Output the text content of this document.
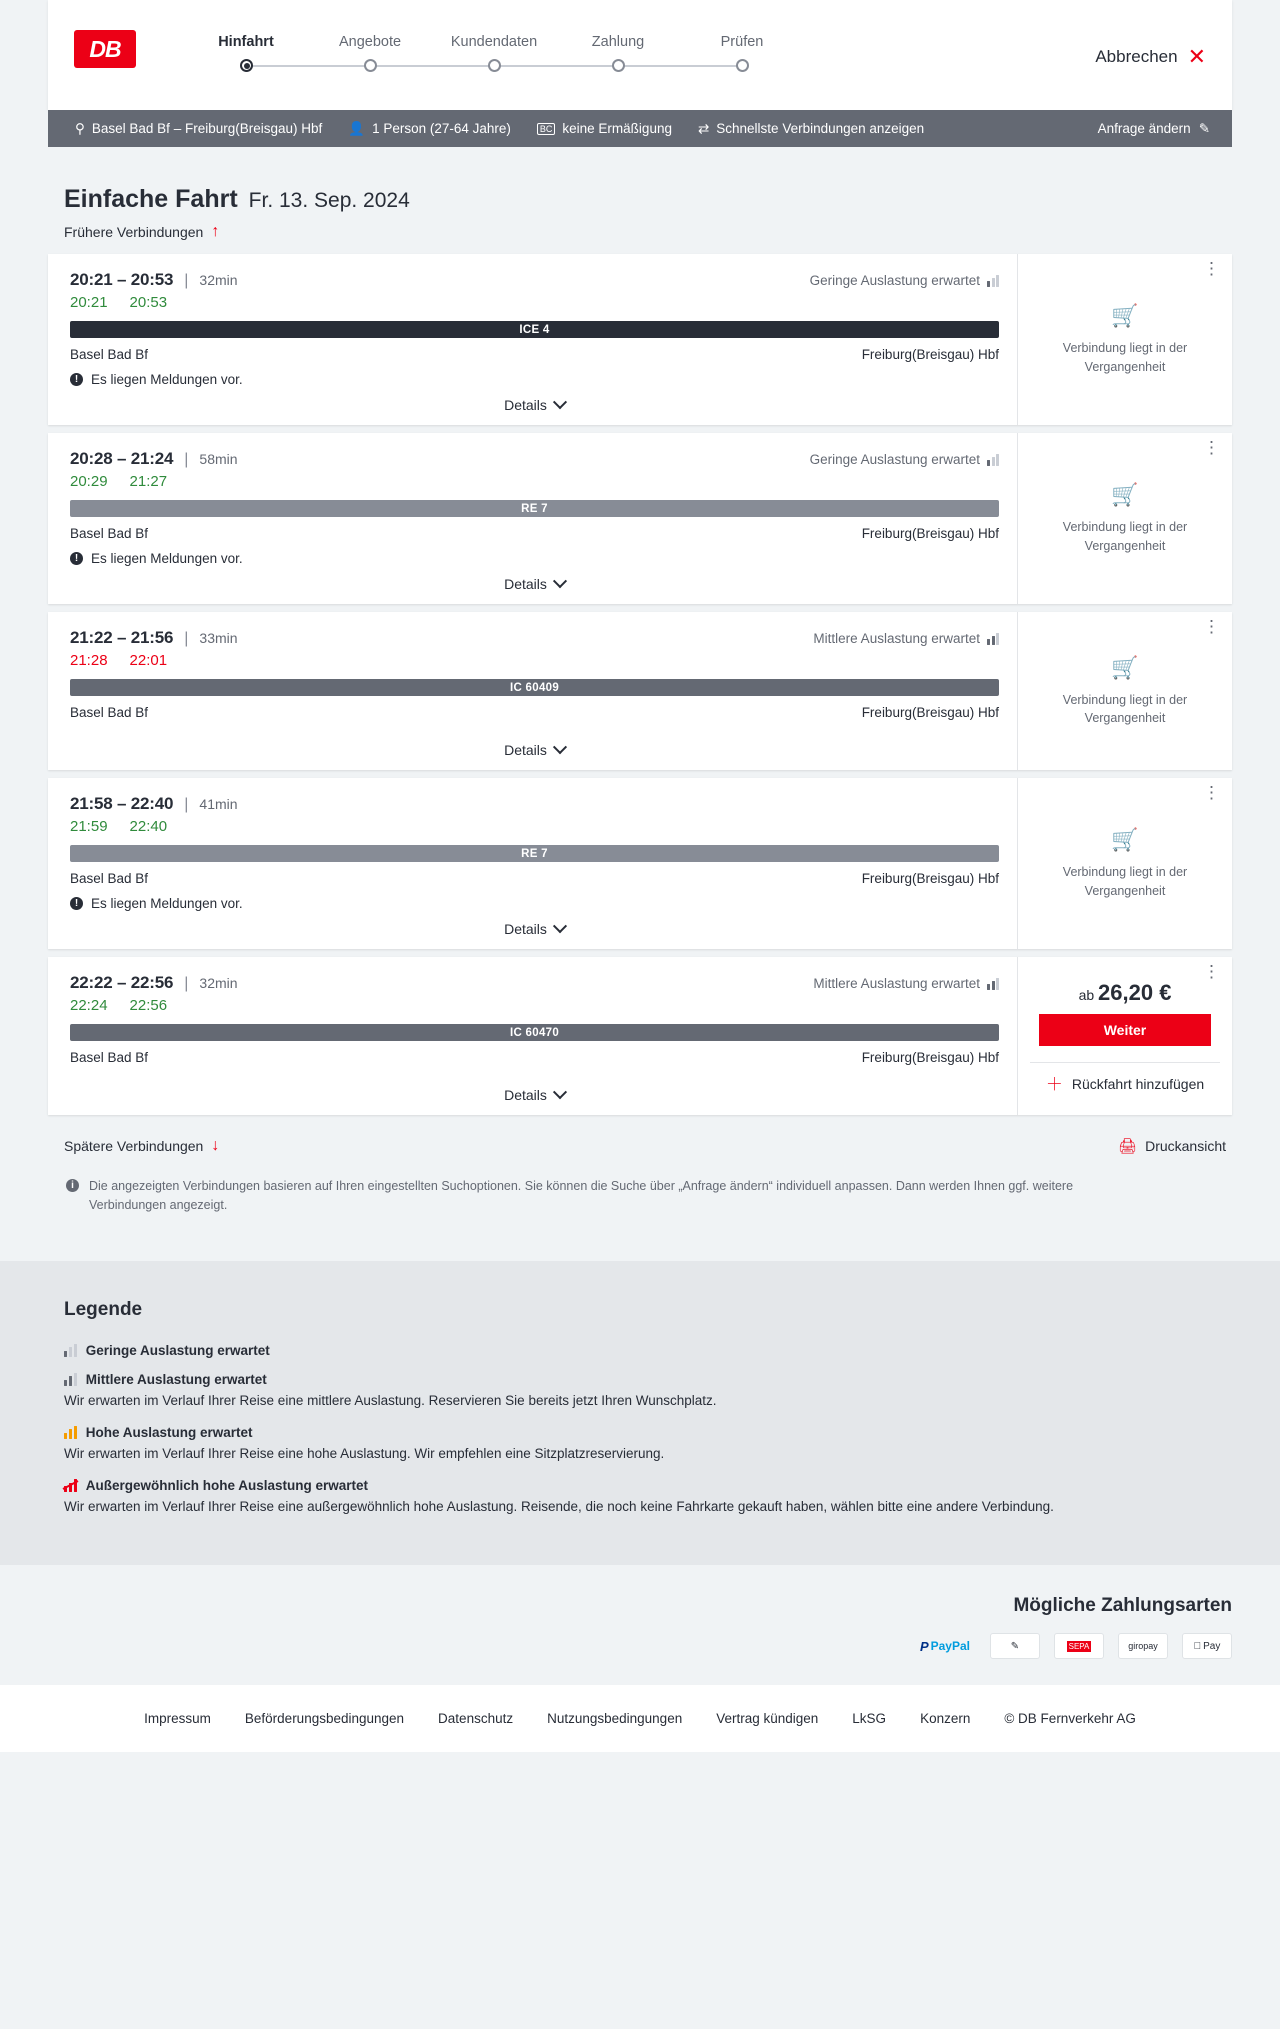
DB	Hinfahrt	Angebote	Kundendaten	Zahlung	Prüfen
Abbrechen ✕
⚲ Basel Bad Bf – Freiburg(Breisgau) Hbf 👤 1 Person (27-64 Jahre)	BC keine Ermäßigung ⇄ Schnellste Verbindungen anzeigen	Anfrage ändern ✎
Einfache Fahrt Fr. 13. Sep. 2024
Frühere Verbindungen ↑
20:21 – 20:53 | 32min	Geringe Auslastung erwartet
20:21 20:53
ICE 4
Basel Bad Bf	Freiburg(Breisgau) Hbf
! Es liegen Meldungen vor.
Details
⋮
🛒
Verbindung liegt in der Vergangenheit
20:28 – 21:24 | 58min	Geringe Auslastung erwartet
20:29 21:27
RE 7
Basel Bad Bf	Freiburg(Breisgau) Hbf
! Es liegen Meldungen vor.
Details
⋮
🛒
Verbindung liegt in der Vergangenheit
21:22 – 21:56 | 33min	Mittlere Auslastung erwartet
21:28 22:01
IC 60409
Basel Bad Bf	Freiburg(Breisgau) Hbf
Details
⋮
🛒
Verbindung liegt in der Vergangenheit
21:58 – 22:40 | 41min
21:59 22:40
RE 7
Basel Bad Bf	Freiburg(Breisgau) Hbf
! Es liegen Meldungen vor.
Details
⋮
🛒
Verbindung liegt in der Vergangenheit
22:22 – 22:56 | 32min	Mittlere Auslastung erwartet
22:24 22:56
IC 60470
Basel Bad Bf	Freiburg(Breisgau) Hbf
Details
⋮
ab 26,20 €
Weiter
＋ Rückfahrt hinzufügen
Spätere Verbindungen ↓	🖨 Druckansicht
i	Die angezeigten Verbindungen basieren auf Ihren eingestellten Suchoptionen. Sie können die Suche über „Anfrage ändern“ individuell anpassen. Dann werden Ihnen ggf. weitere Verbindungen angezeigt.
Legende
Geringe Auslastung erwartet
Mittlere Auslastung erwartet
Wir erwarten im Verlauf Ihrer Reise eine mittlere Auslastung. Reservieren Sie bereits jetzt Ihren Wunschplatz.
Hohe Auslastung erwartet
Wir erwarten im Verlauf Ihrer Reise eine hohe Auslastung. Wir empfehlen eine Sitzplatzreservierung.
Außergewöhnlich hohe Auslastung erwartet
Wir erwarten im Verlauf Ihrer Reise eine außergewöhnlich hohe Auslastung. Reisende, die noch keine Fahrkarte gekauft haben, wählen bitte eine andere Verbindung.
Mögliche Zahlungsarten
P PayPal	✎	SEPA	giropay	Pay
Impressum	Beförderungsbedingungen	Datenschutz	Nutzungsbedingungen	Vertrag kündigen	LkSG	Konzern	© DB Fernverkehr AG
